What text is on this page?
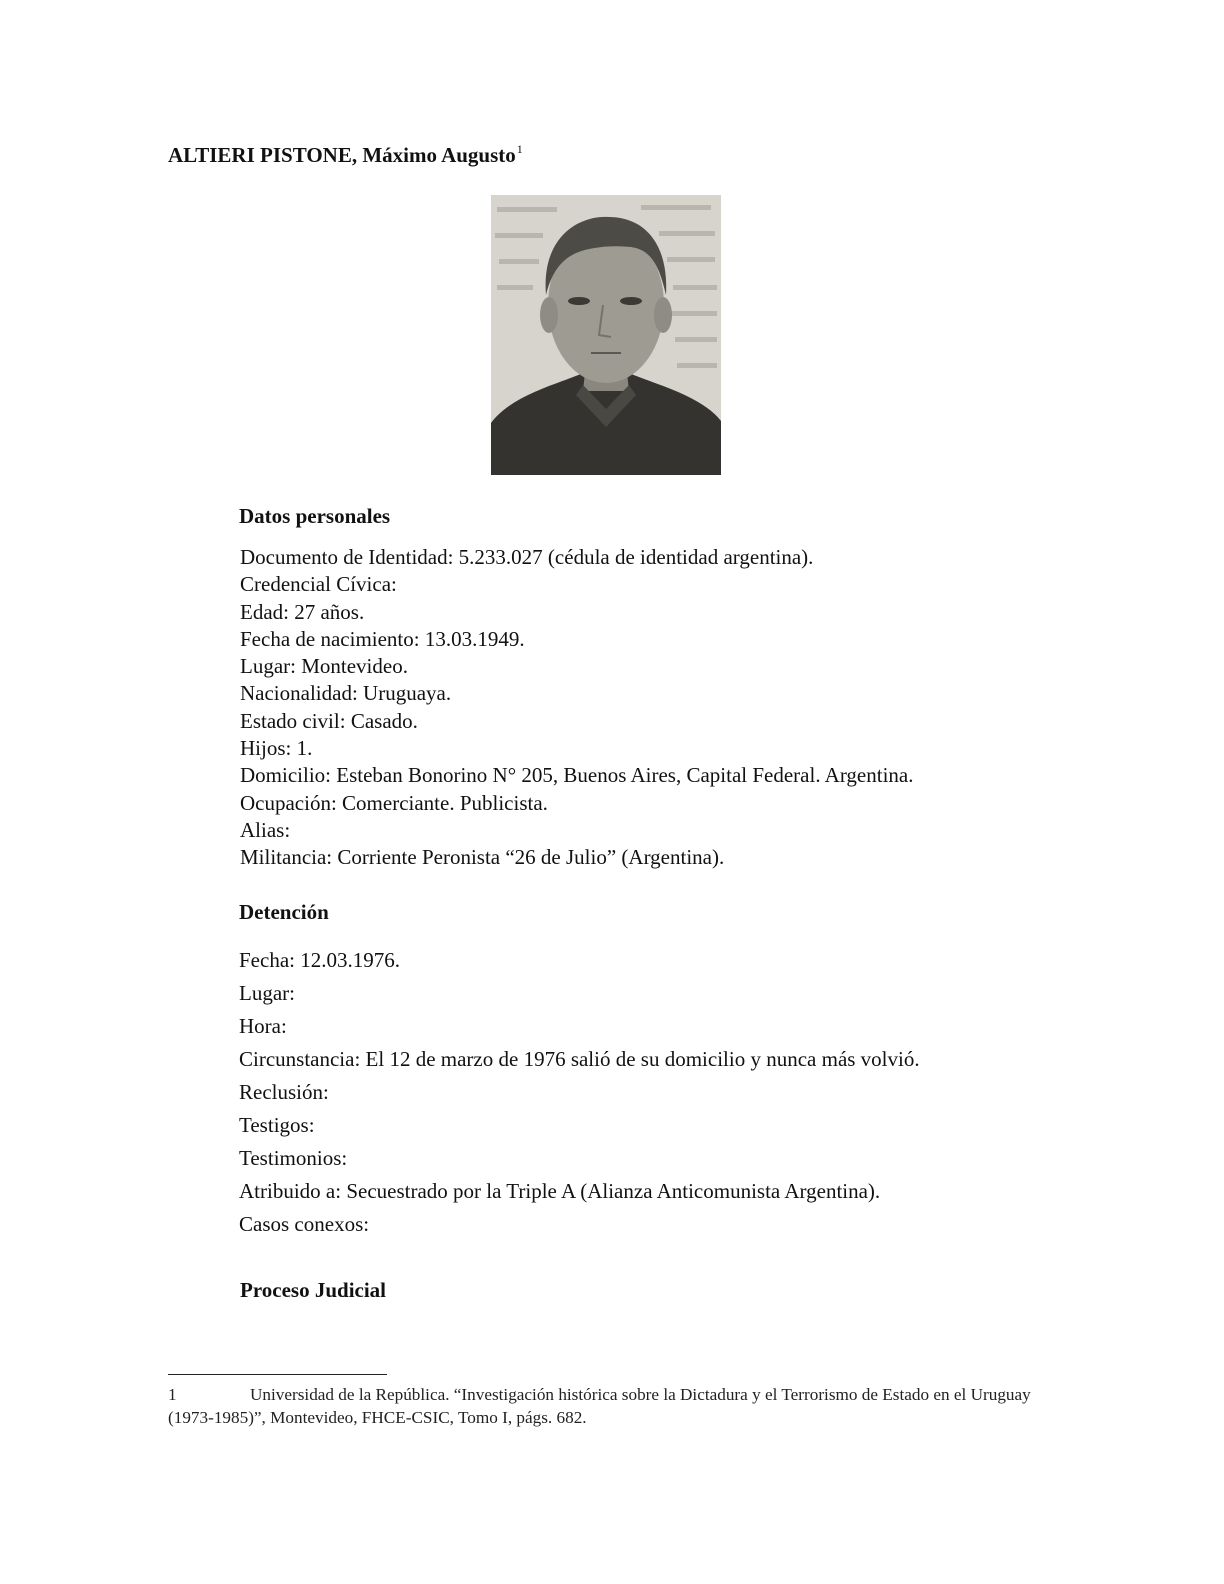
ALTIERI PISTONE, Máximo Augusto$^1$
Datos personales
Documento de Identidad: 5.233.027 (cédula de identidad argentina).
Credencial Cívica:
Edad: 27 años.
Fecha de nacimiento: 13.03.1949.
Lugar: Montevideo.
Nacionalidad: Uruguaya.
Estado civil: Casado.
Hijos: 1.
Domicilio: Esteban Bonorino N° 205, Buenos Aires, Capital Federal. Argentina.
Ocupación: Comerciante. Publicista.
Alias:
Militancia: Corriente Peronista “26 de Julio” (Argentina).
Detención
Fecha: 12.03.1976.
Lugar:
Hora:
Circunstancia: El 12 de marzo de 1976 salió de su domicilio y nunca más volvió.
Reclusión:
Testigos:
Testimonios:
Atribuido a: Secuestrado por la Triple A (Alianza Anticomunista Argentina).
Casos conexos:
Proceso Judicial
1	Universidad de la República. “Investigación histórica sobre la Dictadura y el Terrorismo de Estado en el Uruguay (1973-1985)”, Montevideo, FHCE-CSIC, Tomo I, págs. 682.
